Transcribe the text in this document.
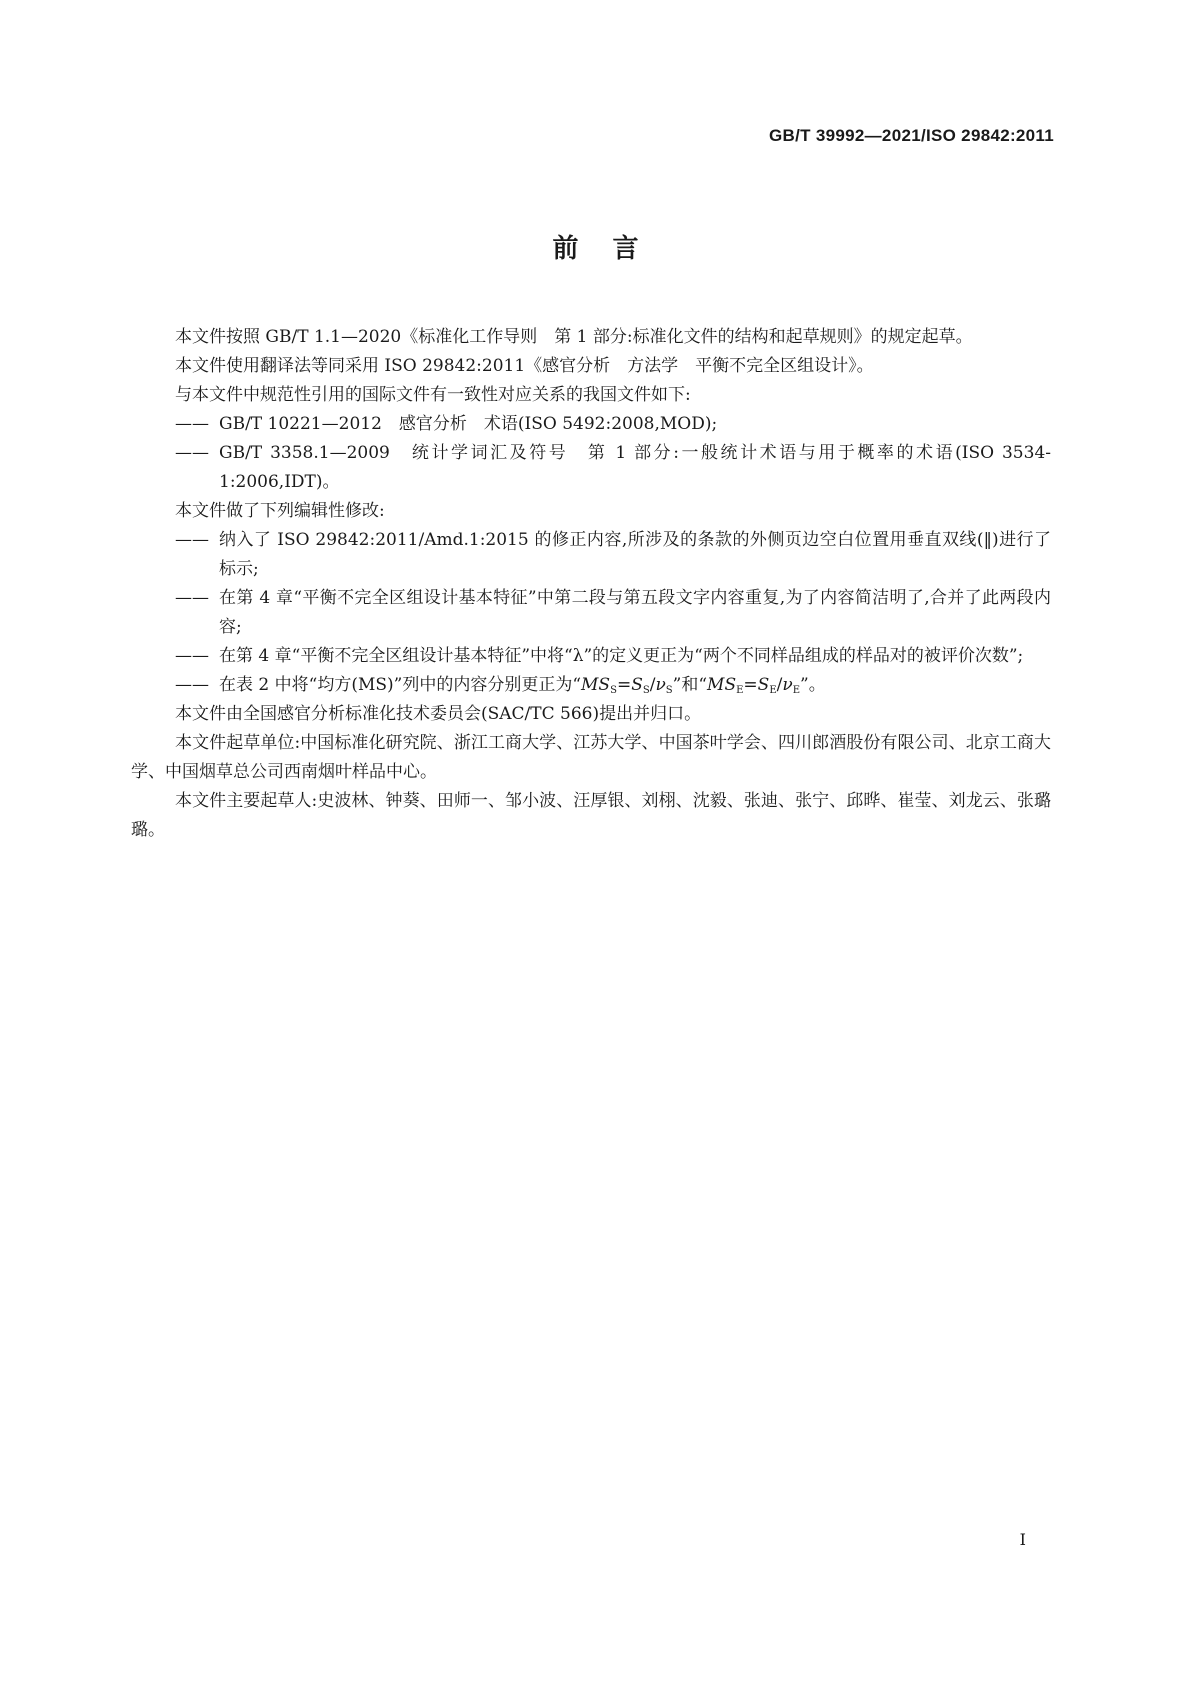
GB/T 39992—2021/ISO 29842:2011
前言

本文件按照 GB/T 1.1—2020《标准化工作导则　第 1 部分:标准化文件的结构和起草规则》的规定起草。

本文件使用翻译法等同采用 ISO 29842:2011《感官分析　方法学　平衡不完全区组设计》。

与本文件中规范性引用的国际文件有一致性对应关系的我国文件如下:

—— GB/T 10221—2012　感官分析　术语(ISO 5492:2008,MOD);
—— GB/T 3358.1—2009　统计学词汇及符号　第 1 部分:一般统计术语与用于概率的术语(ISO 3534-1:2006,IDT)。

本文件做了下列编辑性修改:

—— 纳入了 ISO 29842:2011/Amd.1:2015 的修正内容,所涉及的条款的外侧页边空白位置用垂直双线(‖)进行了标示;
—— 在第 4 章“平衡不完全区组设计基本特征”中第二段与第五段文字内容重复,为了内容简洁明了,合并了此两段内容;
—— 在第 4 章“平衡不完全区组设计基本特征”中将“λ”的定义更正为“两个不同样品组成的样品对的被评价次数”;
—— 在表 2 中将“均方(MS)”列中的内容分别更正为“$MS_S=S_S/\nu_S$”和“$MS_E=S_E/\nu_E$”。

本文件由全国感官分析标准化技术委员会(SAC/TC 566)提出并归口。

本文件起草单位:中国标准化研究院、浙江工商大学、江苏大学、中国茶叶学会、四川郎酒股份有限公司、北京工商大学、中国烟草总公司西南烟叶样品中心。

本文件主要起草人:史波林、钟葵、田师一、邹小波、汪厚银、刘栩、沈毅、张迪、张宁、邱晔、崔莹、刘龙云、张璐璐。

I
